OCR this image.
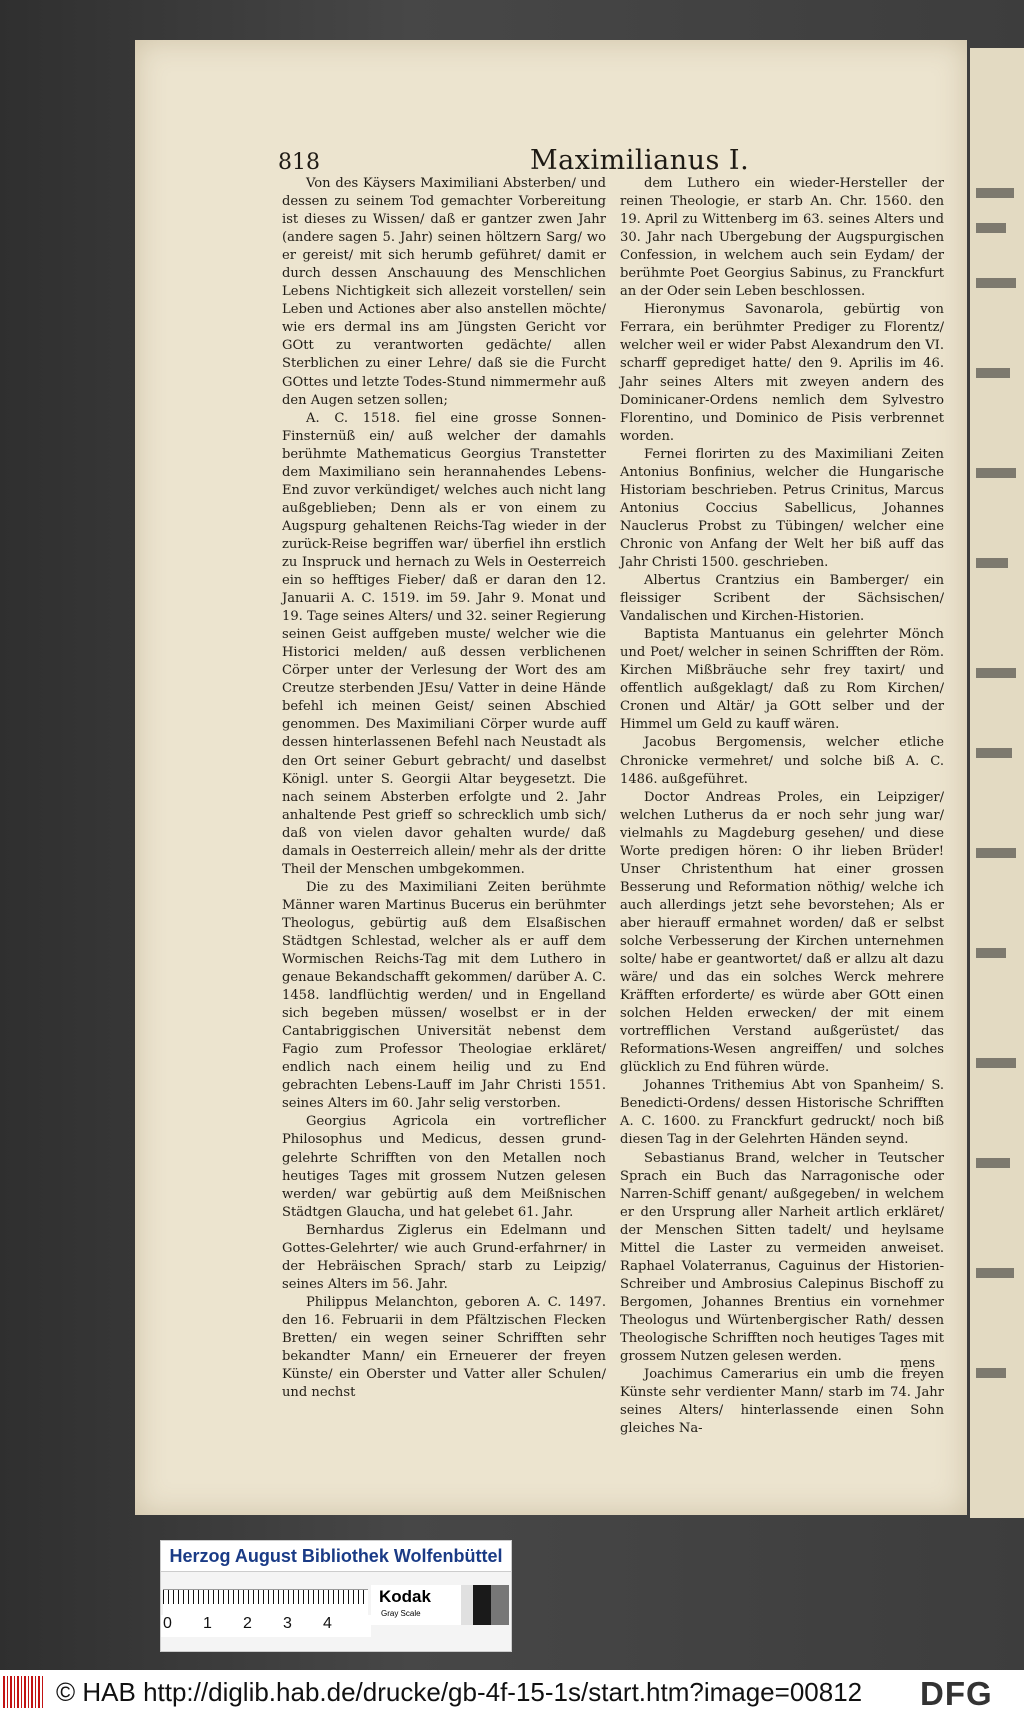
818	Maximilianus I.

Von des Käysers Maximiliani Absterben/ und dessen zu seinem Tod gemachter Vorbereitung ist dieses zu Wissen/ daß er gantzer zwen Jahr (andere sagen 5. Jahr) seinen höltzern Sarg/ wo er gereist/ mit sich herumb geführet/ damit er durch dessen Anschauung des Menschlichen Lebens Nichtigkeit sich allezeit vorstellen/ sein Leben und Actiones aber also anstellen möchte/ wie ers dermal ins am Jüngsten Gericht vor GOtt zu verantworten gedächte/ allen Sterblichen zu einer Lehre/ daß sie die Furcht GOttes und letzte Todes-Stund nimmermehr auß den Augen setzen sollen;

A. C. 1518. fiel eine grosse Sonnen-Finsternüß ein/ auß welcher der damahls berühmte Mathematicus Georgius Transtetter dem Maximiliano sein herannahendes Lebens-End zuvor verkündiget/ welches auch nicht lang außgeblieben; Denn als er von einem zu Augspurg gehaltenen Reichs-Tag wieder in der zurück-Reise begriffen war/ überfiel ihn erstlich zu Inspruck und hernach zu Wels in Oesterreich ein so hefftiges Fieber/ daß er daran den 12. Januarii A. C. 1519. im 59. Jahr 9. Monat und 19. Tage seines Alters/ und 32. seiner Regierung seinen Geist auffgeben muste/ welcher wie die Historici melden/ auß dessen verblichenen Cörper unter der Verlesung der Wort des am Creutze sterbenden JEsu/ Vatter in deine Hände befehl ich meinen Geist/ seinen Abschied genommen. Des Maximiliani Cörper wurde auff dessen hinterlassenen Befehl nach Neustadt als den Ort seiner Geburt gebracht/ und daselbst Königl. unter S. Georgii Altar beygesetzt. Die nach seinem Absterben erfolgte und 2. Jahr anhaltende Pest grieff so schrecklich umb sich/ daß von vielen davor gehalten wurde/ daß damals in Oesterreich allein/ mehr als der dritte Theil der Menschen umbgekommen.

Die zu des Maximiliani Zeiten berühmte Männer waren Martinus Bucerus ein berühmter Theologus, gebürtig auß dem Elsaßischen Städtgen Schlestad, welcher als er auff dem Wormischen Reichs-Tag mit dem Luthero in genaue Bekandschafft gekommen/ darüber A. C. 1458. landflüchtig werden/ und in Engelland sich begeben müssen/ woselbst er in der Cantabriggischen Universität nebenst dem Fagio zum Professor Theologiae erkläret/ endlich nach einem heilig und zu End gebrachten Lebens-Lauff im Jahr Christi 1551. seines Alters im 60. Jahr selig verstorben.

Georgius Agricola ein vortreflicher Philosophus und Medicus, dessen grund-gelehrte Schrifften von den Metallen noch heutiges Tages mit grossem Nutzen gelesen werden/ war gebürtig auß dem Meißnischen Städtgen Glaucha, und hat gelebet 61. Jahr.

Bernhardus Ziglerus ein Edelmann und Gottes-Gelehrter/ wie auch Grund-erfahrner/ in der Hebräischen Sprach/ starb zu Leipzig/ seines Alters im 56. Jahr.

Philippus Melanchton, geboren A. C. 1497. den 16. Februarii in dem Pfältzischen Flecken Bretten/ ein wegen seiner Schrifften sehr bekandter Mann/ ein Erneuerer der freyen Künste/ ein Oberster und Vatter aller Schulen/ und nechst

dem Luthero ein wieder-Hersteller der reinen Theologie, er starb An. Chr. 1560. den 19. April zu Wittenberg im 63. seines Alters und 30. Jahr nach Ubergebung der Augspurgischen Confession, in welchem auch sein Eydam/ der berühmte Poet Georgius Sabinus, zu Franckfurt an der Oder sein Leben beschlossen.

Hieronymus Savonarola, gebürtig von Ferrara, ein berühmter Prediger zu Florentz/ welcher weil er wider Pabst Alexandrum den VI. scharff geprediget hatte/ den 9. Aprilis im 46. Jahr seines Alters mit zweyen andern des Dominicaner-Ordens nemlich dem Sylvestro Florentino, und Dominico de Pisis verbrennet worden.

Fernei florirten zu des Maximiliani Zeiten Antonius Bonfinius, welcher die Hungarische Historiam beschrieben. Petrus Crinitus, Marcus Antonius Coccius Sabellicus, Johannes Nauclerus Probst zu Tübingen/ welcher eine Chronic von Anfang der Welt her biß auff das Jahr Christi 1500. geschrieben.

Albertus Crantzius ein Bamberger/ ein fleissiger Scribent der Sächsischen/ Vandalischen und Kirchen-Historien.

Baptista Mantuanus ein gelehrter Mönch und Poet/ welcher in seinen Schrifften der Röm. Kirchen Mißbräuche sehr frey taxirt/ und offentlich außgeklagt/ daß zu Rom Kirchen/ Cronen und Altär/ ja GOtt selber und der Himmel um Geld zu kauff wären.

Jacobus Bergomensis, welcher etliche Chronicke vermehret/ und solche biß A. C. 1486. außgeführet.

Doctor Andreas Proles, ein Leipziger/ welchen Lutherus da er noch sehr jung war/ vielmahls zu Magdeburg gesehen/ und diese Worte predigen hören: O ihr lieben Brüder! Unser Christenthum hat einer grossen Besserung und Reformation nöthig/ welche ich auch allerdings jetzt sehe bevorstehen; Als er aber hierauff ermahnet worden/ daß er selbst solche Verbesserung der Kirchen unternehmen solte/ habe er geantwortet/ daß er allzu alt dazu wäre/ und das ein solches Werck mehrere Kräfften erforderte/ es würde aber GOtt einen solchen Helden erwecken/ der mit einem vortrefflichen Verstand außgerüstet/ das Reformations-Wesen angreiffen/ und solches glücklich zu End führen würde.

Johannes Trithemius Abt von Spanheim/ S. Benedicti-Ordens/ dessen Historische Schrifften A. C. 1600. zu Franckfurt gedruckt/ noch biß diesen Tag in der Gelehrten Händen seynd.

Sebastianus Brand, welcher in Teutscher Sprach ein Buch das Narragonische oder Narren-Schiff genant/ außgegeben/ in welchem er den Ursprung aller Narheit artlich erkläret/ der Menschen Sitten tadelt/ und heylsame Mittel die Laster zu vermeiden anweiset. Raphael Volaterranus, Caguinus der Historien-Schreiber und Ambrosius Calepinus Bischoff zu Bergomen, Johannes Brentius ein vornehmer Theologus und Würtenbergischer Rath/ dessen Theologische Schrifften noch heutiges Tages mit grossem Nutzen gelesen werden.

Joachimus Camerarius ein umb die freyen Künste sehr verdienter Mann/ starb im 74. Jahr seines Alters/ hinterlassende einen Sohn gleiches Na-

mens
Herzog August Bibliothek Wolfenbüttel
0 1 2 3 4
Kodak
Gray Scale
© HAB http://diglib.hab.de/drucke/gb-4f-15-1s/start.htm?image=00812 DFG
